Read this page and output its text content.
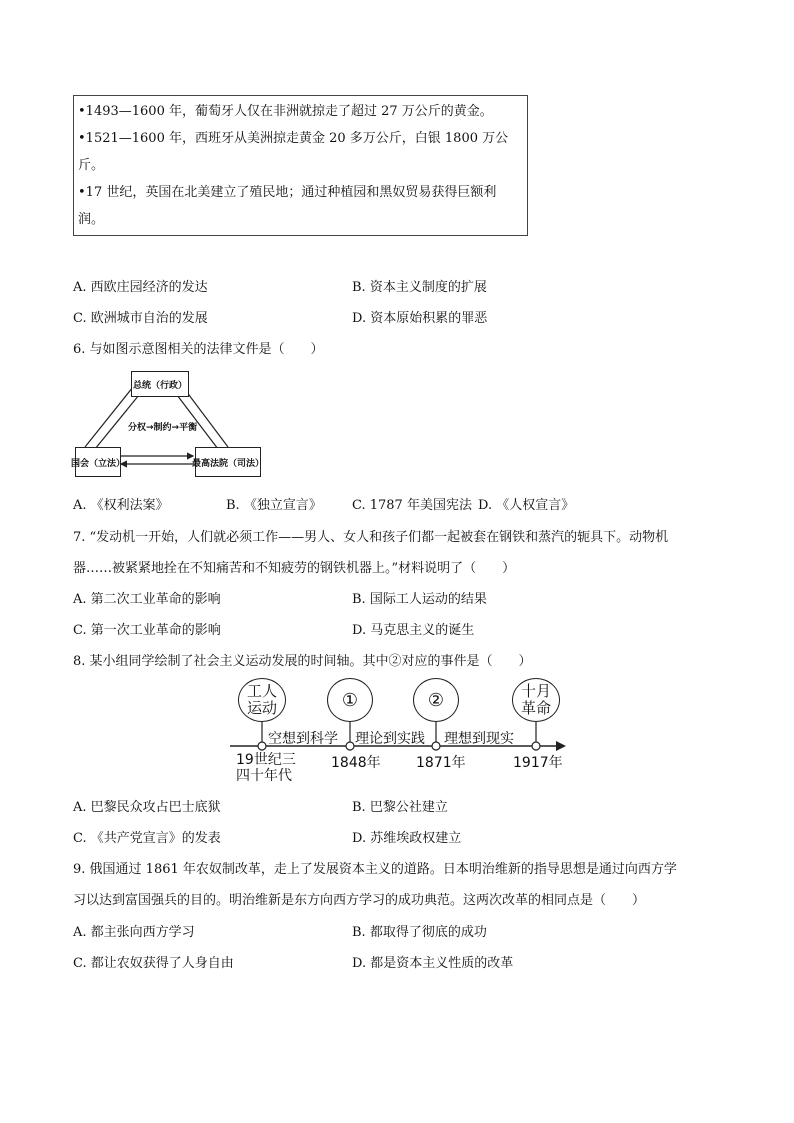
•1493—1600 年，葡萄牙人仅在非洲就掠走了超过 27 万公斤的黄金。
•1521—1600 年，西班牙从美洲掠走黄金 20 多万公斤，白银 1800 万公
斤。
•17 世纪，英国在北美建立了殖民地；通过种植园和黑奴贸易获得巨额利
润。
A. 西欧庄园经济的发达	B. 资本主义制度的扩展
C. 欧洲城市自治的发展	D. 资本原始积累的罪恶
6. 与如图示意图相关的法律文件是（　　）
总统（行政）
国会（立法）	最高法院（司法）
分权→制约→平衡
A. 《权利法案》	B. 《独立宣言》 C. 1787 年美国宪法 D. 《人权宣言》
7. “发动机一开始，人们就必须工作——男人、女人和孩子们都一起被套在钢铁和蒸汽的轭具下。动物机
器……被紧紧地拴在不知痛苦和不知疲劳的钢铁机器上。”材料说明了（　　）
A. 第二次工业革命的影响	B. 国际工人运动的结果
C. 第一次工业革命的影响	D. 马克思主义的诞生
8. 某小组同学绘制了社会主义运动发展的时间轴。其中②对应的事件是（　　）
工人
运动	①	②	十月
革命
空想到科学 理论到实践 理想到现实
19世纪三
四十年代
1848年	1871年	1917年
A. 巴黎民众攻占巴士底狱	B. 巴黎公社建立
C. 《共产党宣言》的发表	D. 苏维埃政权建立
9. 俄国通过 1861 年农奴制改革，走上了发展资本主义的道路。日本明治维新的指导思想是通过向西方学
习以达到富国强兵的目的。明治维新是东方向西方学习的成功典范。这两次改革的相同点是（　　）
A. 都主张向西方学习	B. 都取得了彻底的成功
C. 都让农奴获得了人身自由	D. 都是资本主义性质的改革
